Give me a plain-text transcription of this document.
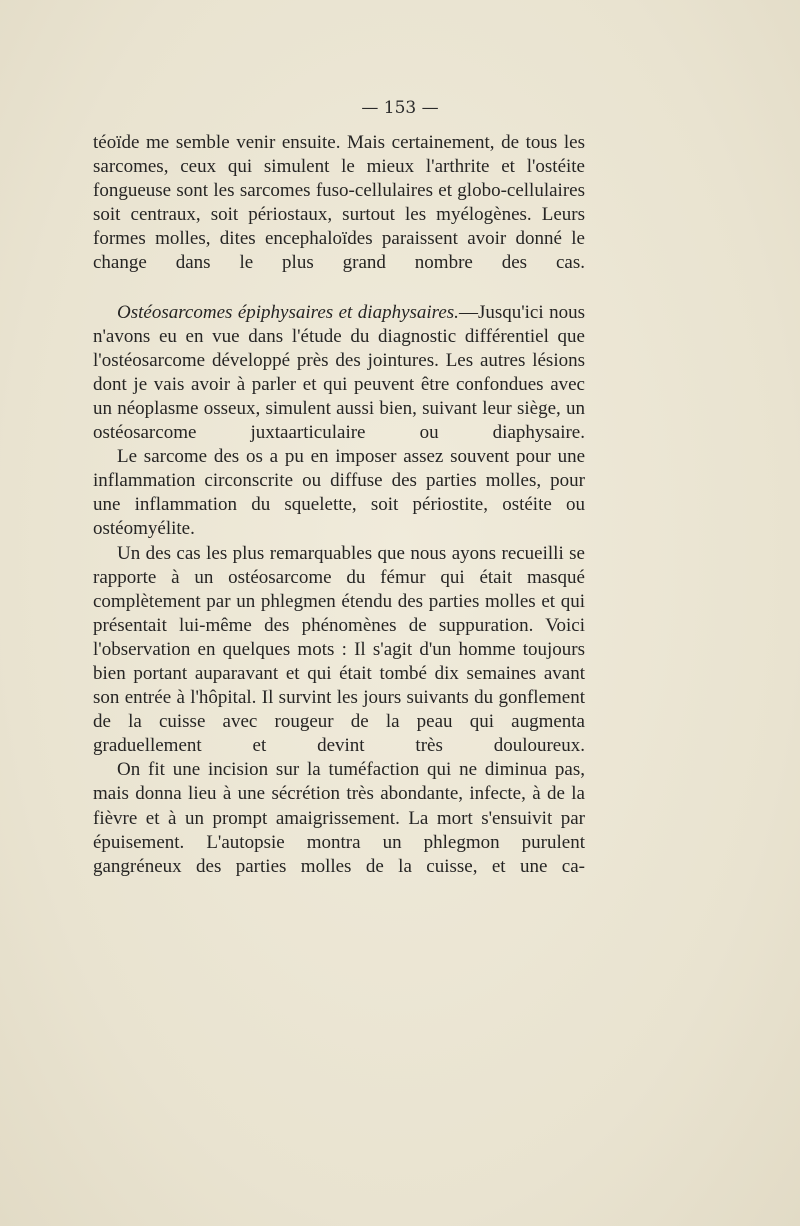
— 153 —

téoïde me semble venir ensuite. Mais certainement, de tous les sarcomes, ceux qui simulent le mieux l'arthrite et l'ostéite fongueuse sont les sarcomes fuso-cellulaires et globo-cellulaires soit centraux, soit périostaux, surtout les myélogènes. Leurs formes molles, dites encephaloïdes paraissent avoir donné le change dans le plus grand nombre des cas.

Ostéosarcomes épiphysaires et diaphysaires.—Jusqu'ici nous n'avons eu en vue dans l'étude du diagnostic différentiel que l'ostéosarcome développé près des jointures. Les autres lésions dont je vais avoir à parler et qui peuvent être confondues avec un néoplasme osseux, simulent aussi bien, suivant leur siège, un ostéosarcome juxtaarticulaire ou diaphysaire.

Le sarcome des os a pu en imposer assez souvent pour une inflammation circonscrite ou diffuse des parties molles, pour une inflammation du squelette, soit périostite, ostéite ou ostéomyélite.

Un des cas les plus remarquables que nous ayons recueilli se rapporte à un ostéosarcome du fémur qui était masqué complètement par un phlegmen étendu des parties molles et qui présentait lui-même des phénomènes de suppuration. Voici l'observation en quelques mots : Il s'agit d'un homme toujours bien portant auparavant et qui était tombé dix semaines avant son entrée à l'hôpital. Il survint les jours suivants du gonflement de la cuisse avec rougeur de la peau qui augmenta graduellement et devint très douloureux.

On fit une incision sur la tuméfaction qui ne diminua pas, mais donna lieu à une sécrétion très abondante, infecte, à de la fièvre et à un prompt amaigrissement. La mort s'ensuivit par épuisement. L'autopsie montra un phlegmon purulent gangréneux des parties molles de la cuisse, et une ca-
